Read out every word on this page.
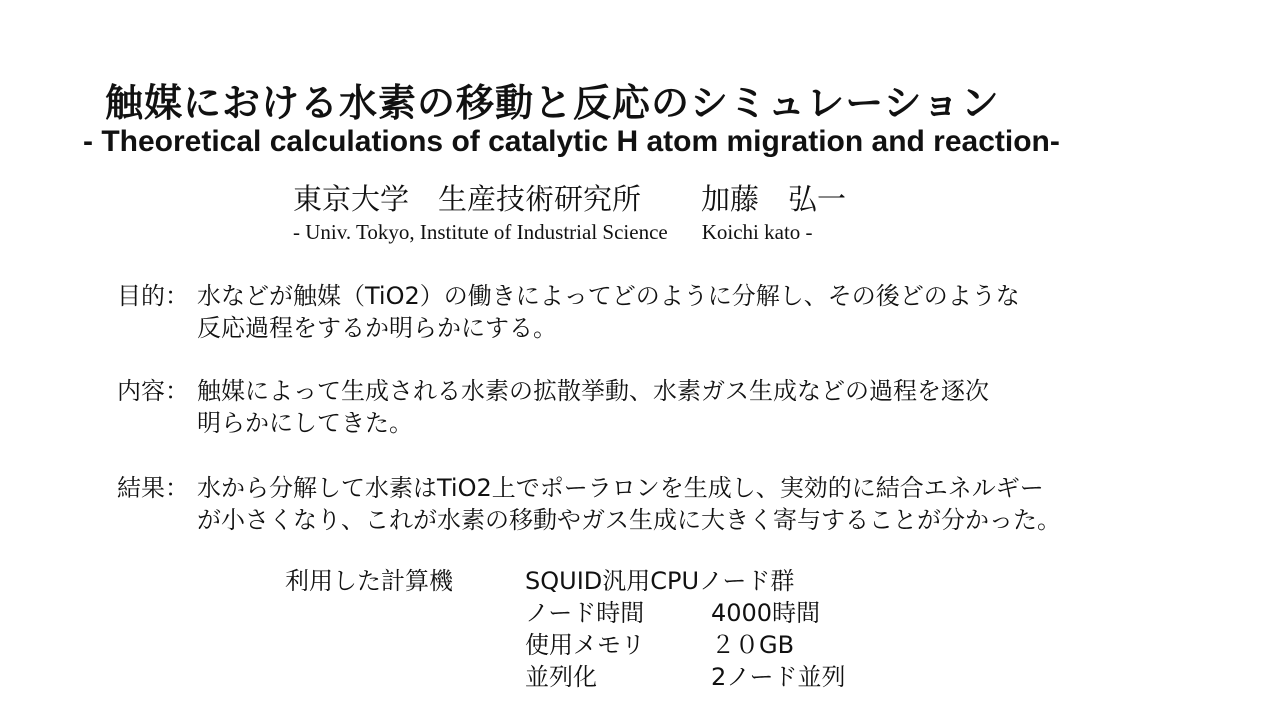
触媒における水素の移動と反応のシミュレーション
- Theoretical calculations of catalytic H atom migration and reaction-
東京大学　生産技術研究所 加藤　弘一
- Univ. Tokyo, Institute of Industrial Science Koichi kato -
目的： 水などが触媒（TiO2）の働きによってどのように分解し、その後どのような
反応過程をするか明らかにする。
内容： 触媒によって生成される水素の拡散挙動、水素ガス生成などの過程を逐次
明らかにしてきた。
結果： 水から分解して水素はTiO2上でポーラロンを生成し、実効的に結合エネルギー
が小さくなり、これが水素の移動やガス生成に大きく寄与することが分かった。
利用した計算機	SQUID汎用CPUノード群
ノード時間	4000時間
使用メモリ	２０GB
並列化	2ノード並列
